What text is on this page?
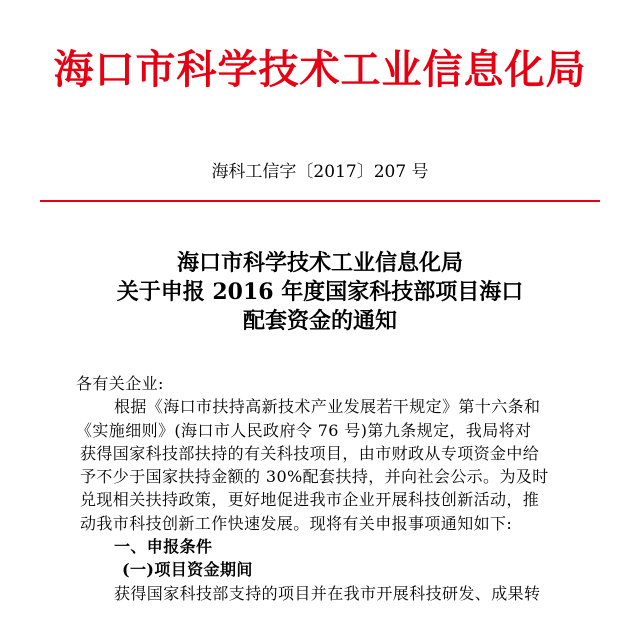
海口市科学技术工业信息化局
海科工信字〔2017〕207 号
海口市科学技术工业信息化局
关于申报 2016 年度国家科技部项目海口
配套资金的通知
各有关企业:
根据《海口市扶持高新技术产业发展若干规定》第十六条和
《实施细则》(海口市人民政府令 76 号)第九条规定，我局将对
获得国家科技部扶持的有关科技项目，由市财政从专项资金中给
予不少于国家扶持金额的 30%配套扶持，并向社会公示。为及时
兑现相关扶持政策，更好地促进我市企业开展科技创新活动，推
动我市科技创新工作快速发展。现将有关申报事项通知如下:
一、申报条件
(一)项目资金期间
获得国家科技部支持的项目并在我市开展科技研发、成果转
